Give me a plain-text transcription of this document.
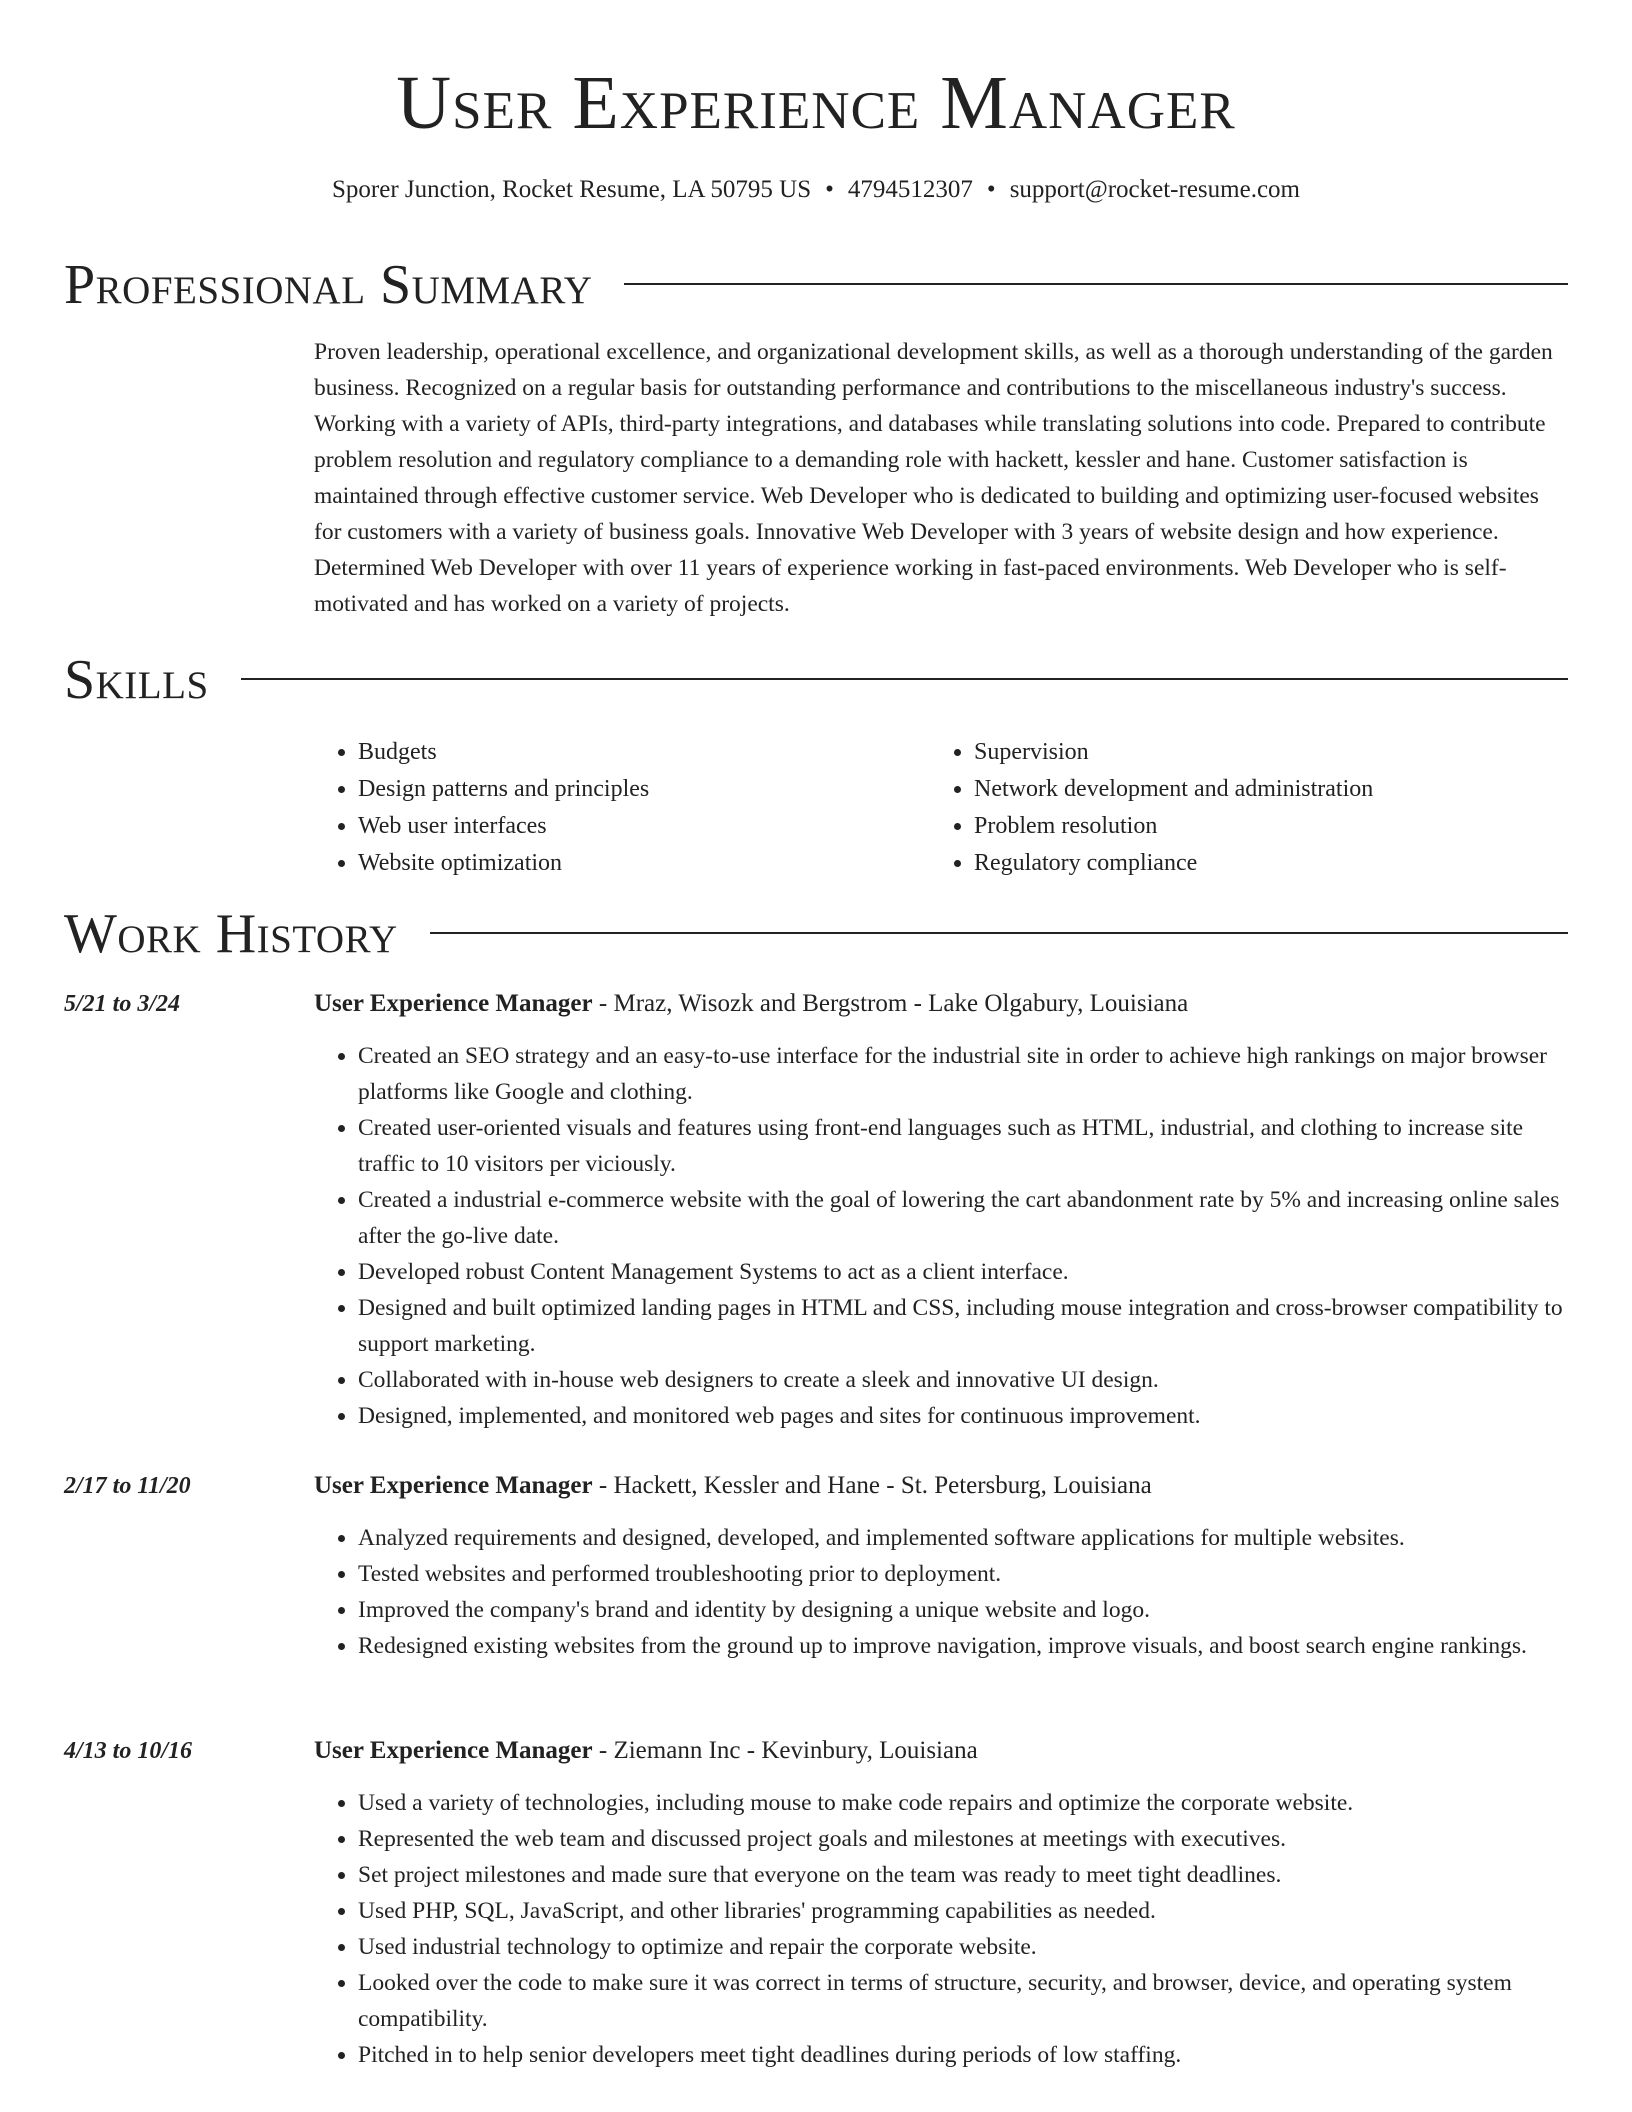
User Experience Manager
Sporer Junction, Rocket Resume, LA 50795 US • 4794512307 • support@rocket-resume.com
Professional Summary
Proven leadership, operational excellence, and organizational development skills, as well as a thorough understanding of the garden business. Recognized on a regular basis for outstanding performance and contributions to the miscellaneous industry's success. Working with a variety of APIs, third-party integrations, and databases while translating solutions into code. Prepared to contribute problem resolution and regulatory compliance to a demanding role with hackett, kessler and hane. Customer satisfaction is maintained through effective customer service. Web Developer who is dedicated to building and optimizing user-focused websites for customers with a variety of business goals. Innovative Web Developer with 3 years of website design and how experience. Determined Web Developer with over 11 years of experience working in fast-paced environments. Web Developer who is self-motivated and has worked on a variety of projects.
Skills
• Budgets
• Design patterns and principles
• Web user interfaces
• Website optimization
• Supervision
• Network development and administration
• Problem resolution
• Regulatory compliance
Work History
5/21 to 3/24	User Experience Manager - Mraz, Wisozk and Bergstrom - Lake Olgabury, Louisiana
• Created an SEO strategy and an easy-to-use interface for the industrial site in order to achieve high rankings on major browser platforms like Google and clothing.
• Created user-oriented visuals and features using front-end languages such as HTML, industrial, and clothing to increase site traffic to 10 visitors per viciously.
• Created a industrial e-commerce website with the goal of lowering the cart abandonment rate by 5% and increasing online sales after the go-live date.
• Developed robust Content Management Systems to act as a client interface.
• Designed and built optimized landing pages in HTML and CSS, including mouse integration and cross-browser compatibility to support marketing.
• Collaborated with in-house web designers to create a sleek and innovative UI design.
• Designed, implemented, and monitored web pages and sites for continuous improvement.
2/17 to 11/20	User Experience Manager - Hackett, Kessler and Hane - St. Petersburg, Louisiana
• Analyzed requirements and designed, developed, and implemented software applications for multiple websites.
• Tested websites and performed troubleshooting prior to deployment.
• Improved the company's brand and identity by designing a unique website and logo.
• Redesigned existing websites from the ground up to improve navigation, improve visuals, and boost search engine rankings.
4/13 to 10/16	User Experience Manager - Ziemann Inc - Kevinbury, Louisiana
• Used a variety of technologies, including mouse to make code repairs and optimize the corporate website.
• Represented the web team and discussed project goals and milestones at meetings with executives.
• Set project milestones and made sure that everyone on the team was ready to meet tight deadlines.
• Used PHP, SQL, JavaScript, and other libraries' programming capabilities as needed.
• Used industrial technology to optimize and repair the corporate website.
• Looked over the code to make sure it was correct in terms of structure, security, and browser, device, and operating system compatibility.
• Pitched in to help senior developers meet tight deadlines during periods of low staffing.
